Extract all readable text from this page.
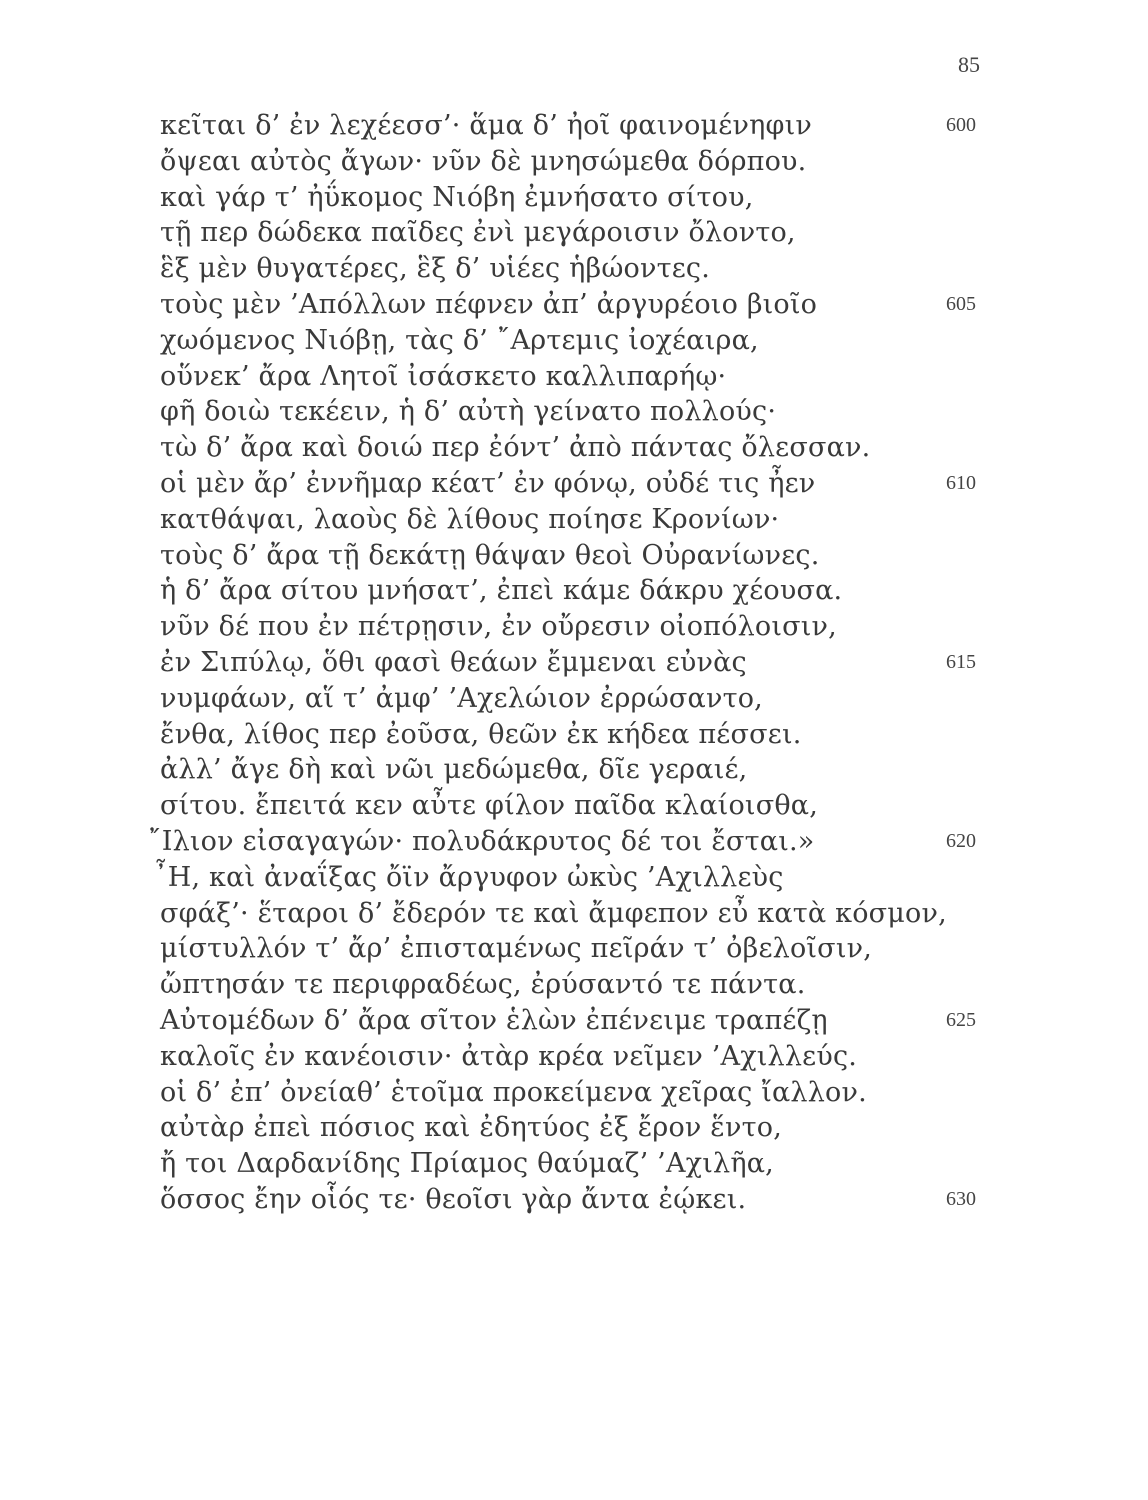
85
κεῖται δ’ ἐν λεχέεσσ’· ἅμα δ’ ἠοῖ φαινομένηφιν	600
ὄψεαι αὐτὸς ἄγων· νῦν δὲ μνησώμεθα δόρπου.
καὶ γάρ τ’ ἠΰκομος Νιόβη ἐμνήσατο σίτου,
τῇ περ δώδεκα παῖδες ἐνὶ μεγάροισιν ὄλοντο,
ἓξ μὲν θυγατέρες, ἓξ δ’ υἱέες ἡβώοντες.
τοὺς μὲν ’Απόλλων πέφνεν ἀπ’ ἀργυρέοιο βιοῖο	605
χωόμενος Νιόβῃ, τὰς δ’ ῎Αρτεμις ἰοχέαιρα,
οὕνεκ’ ἄρα Λητοῖ ἰσάσκετο καλλιπαρήῳ·
φῆ δοιὼ τεκέειν, ἡ δ’ αὐτὴ γείνατο πολλούς·
τὼ δ’ ἄρα καὶ δοιώ περ ἐόντ’ ἀπὸ πάντας ὄλεσσαν.
οἱ μὲν ἄρ’ ἐννῆμαρ κέατ’ ἐν φόνῳ, οὐδέ τις ἦεν	610
κατθάψαι, λαοὺς δὲ λίθους ποίησε Κρονίων·
τοὺς δ’ ἄρα τῇ δεκάτῃ θάψαν θεοὶ Οὐρανίωνες.
ἡ δ’ ἄρα σίτου μνήσατ’, ἐπεὶ κάμε δάκρυ χέουσα.
νῦν δέ που ἐν πέτρῃσιν, ἐν οὔρεσιν οἰοπόλοισιν,
ἐν Σιπύλῳ, ὅθι φασὶ θεάων ἔμμεναι εὐνὰς	615
νυμφάων, αἵ τ’ ἀμφ’ ’Αχελώιον ἐρρώσαντο,
ἔνθα, λίθος περ ἐοῦσα, θεῶν ἐκ κήδεα πέσσει.
ἀλλ’ ἄγε δὴ καὶ νῶι μεδώμεθα, δῖε γεραιέ,
σίτου. ἔπειτά κεν αὖτε φίλον παῖδα κλαίοισθα,
῎Ιλιον εἰσαγαγών· πολυδάκρυτος δέ τοι ἔσται.»	620
῏Η, καὶ ἀναΐξας ὄϊν ἄργυφον ὠκὺς ’Αχιλλεὺς
σφάξ’· ἕταροι δ’ ἔδερόν τε καὶ ἄμφεπον εὖ κατὰ κόσμον,
μίστυλλόν τ’ ἄρ’ ἐπισταμένως πεῖράν τ’ ὀβελοῖσιν,
ὤπτησάν τε περιφραδέως, ἐρύσαντό τε πάντα.
Αὐτομέδων δ’ ἄρα σῖτον ἑλὼν ἐπένειμε τραπέζῃ	625
καλοῖς ἐν κανέοισιν· ἀτὰρ κρέα νεῖμεν ’Αχιλλεύς.
οἱ δ’ ἐπ’ ὀνείαθ’ ἑτοῖμα προκείμενα χεῖρας ἴαλλον.
αὐτὰρ ἐπεὶ πόσιος καὶ ἐδητύος ἐξ ἔρον ἕντο,
ἤ τοι Δαρδανίδης Πρίαμος θαύμαζ’ ’Αχιλῆα,
ὅσσος ἔην οἷός τε· θεοῖσι γὰρ ἄντα ἐῴκει.	630
